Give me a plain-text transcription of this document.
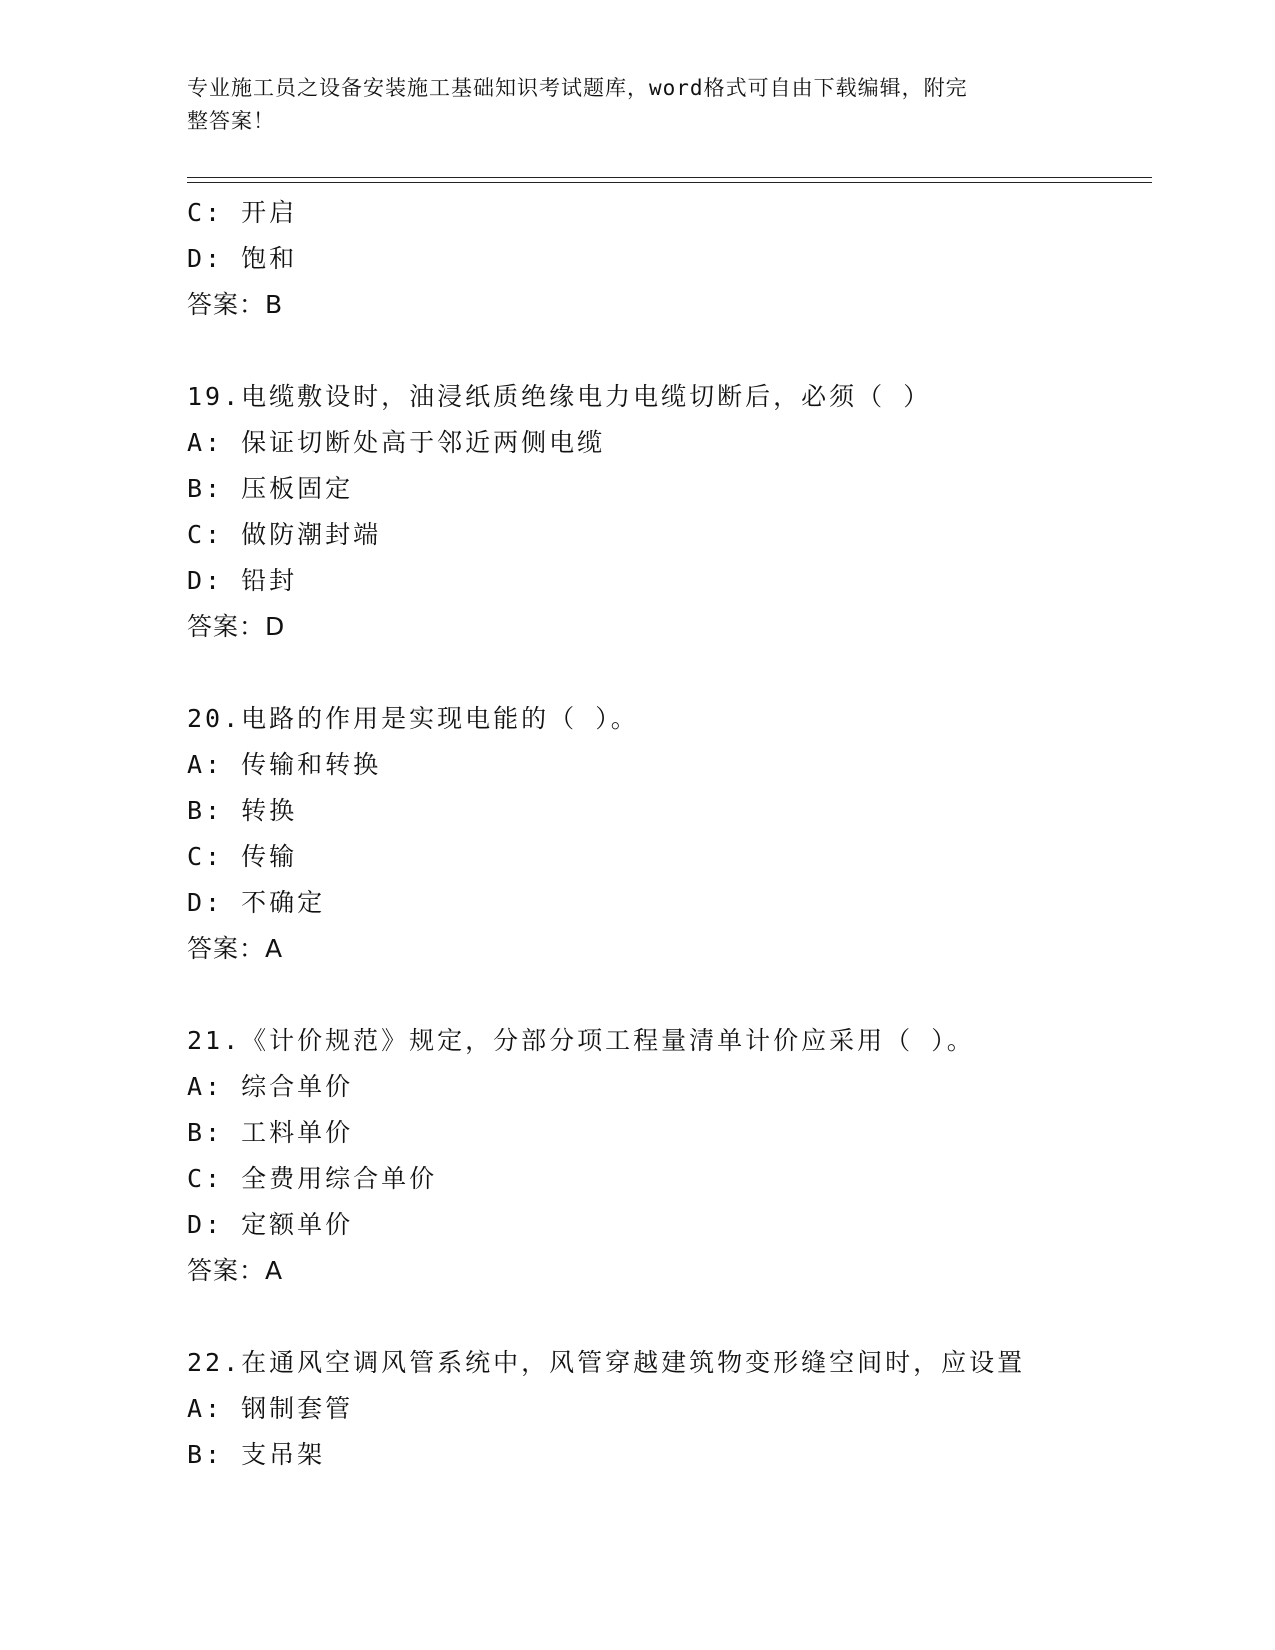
专业施工员之设备安装施工基础知识考试题库，word格式可自由下载编辑，附完
整答案！
C: 开启
D: 饱和
答案：B
19.电缆敷设时，油浸纸质绝缘电力电缆切断后，必须（ ）
A: 保证切断处高于邻近两侧电缆
B: 压板固定
C: 做防潮封端
D: 铅封
答案：D
20.电路的作用是实现电能的（ ）。
A: 传输和转换
B: 转换
C: 传输
D: 不确定
答案：A
21.《计价规范》规定，分部分项工程量清单计价应采用（ ）。
A: 综合单价
B: 工料单价
C: 全费用综合单价
D: 定额单价
答案：A
22.在通风空调风管系统中，风管穿越建筑物变形缝空间时，应设置
A: 钢制套管
B: 支吊架
